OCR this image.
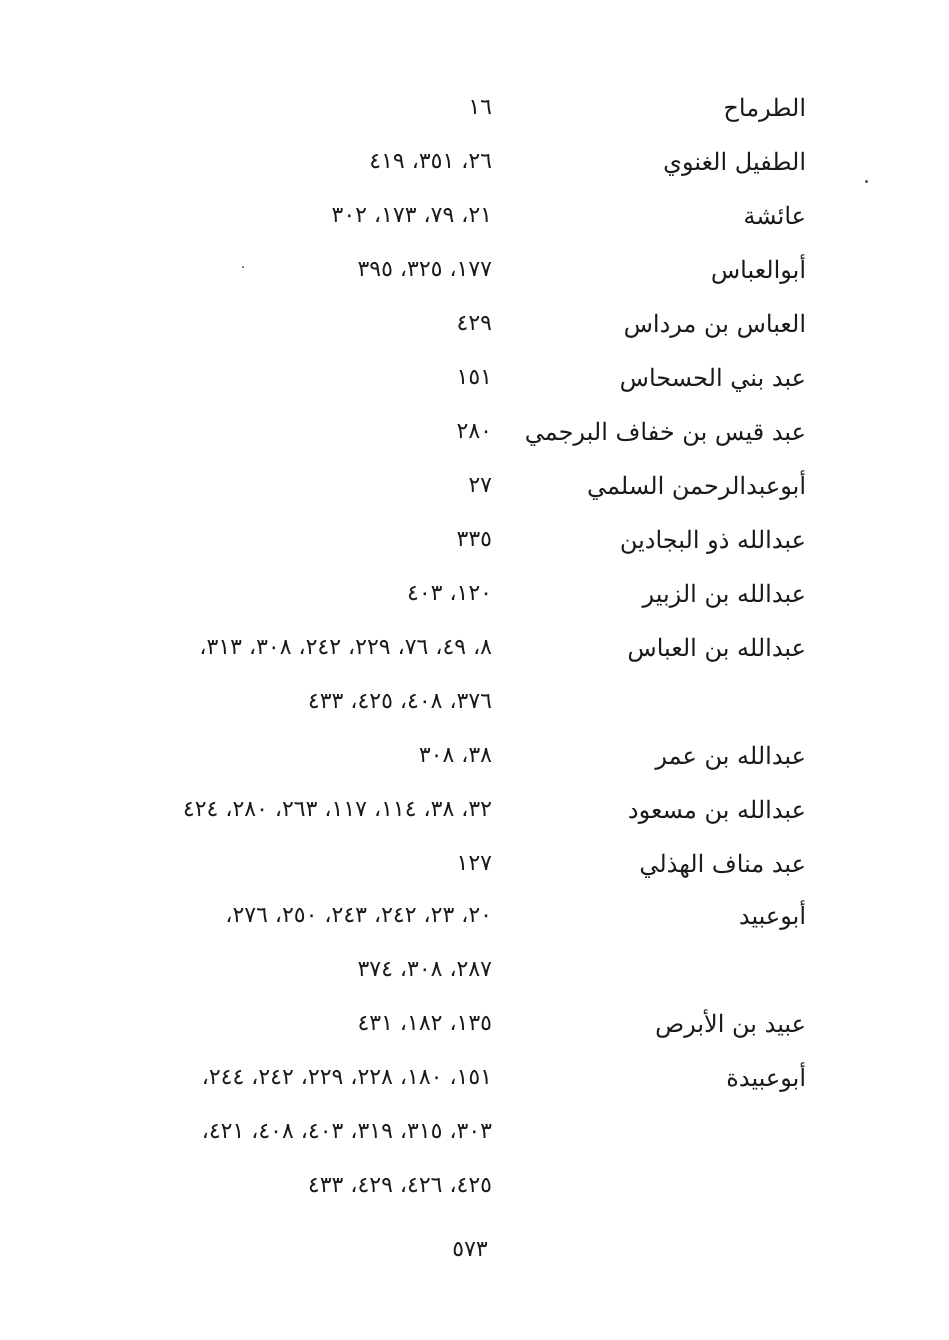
الطرماح
١٦
الطفيل الغنوي
٢٦، ٣٥١، ٤١٩
عائشة
٢١، ٧٩، ١٧٣، ٣٠٢
أبوالعباس
١٧٧، ٣٢٥، ٣٩٥
العباس بن مرداس
٤٢٩
عبد بني الحسحاس
١٥١
عبد قيس بن خفاف البرجمي
٢٨٠
أبوعبدالرحمن السلمي
٢٧
عبدالله ذو البجادين
٣٣٥
عبدالله بن الزبير
١٢٠، ٤٠٣
عبدالله بن العباس
٨، ٤٩، ٧٦، ٢٢٩، ٢٤٢، ٣٠٨، ٣١٣،
٣٧٦، ٤٠٨، ٤٢٥، ٤٣٣
عبدالله بن عمر
٣٨، ٣٠٨
عبدالله بن مسعود
٣٢، ٣٨، ١١٤، ١١٧، ٢٦٣، ٢٨٠، ٤٢٤
عبد مناف الهذلي
١٢٧
أبوعبيد
٢٠، ٢٣، ٢٤٢، ٢٤٣، ٢٥٠، ٢٧٦،
٢٨٧، ٣٠٨، ٣٧٤
عبيد بن الأبرص
١٣٥، ١٨٢، ٤٣١
أبوعبيدة
١٥١، ١٨٠، ٢٢٨، ٢٢٩، ٢٤٢، ٢٤٤،
٣٠٣، ٣١٥، ٣١٩، ٤٠٣، ٤٠٨، ٤٢١،
٤٢٥، ٤٢٦، ٤٢٩، ٤٣٣
٥٧٣
